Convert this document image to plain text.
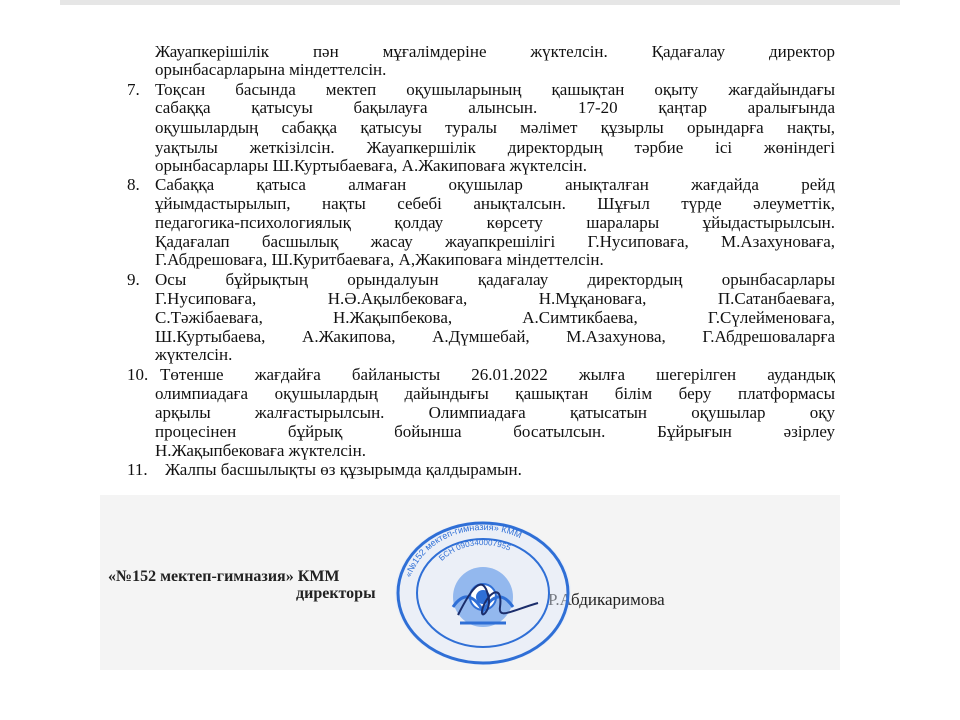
Жауапкерішілік пән мұғалімдеріне жүктелсін. Қадағалау директор
орынбасарларына міндеттелсін.
7. Тоқсан басында мектеп оқушыларының қашықтан оқыту жағдайындағы
сабаққа қатысуы бақылауға алынсын. 17-20 қаңтар аралығында
оқушылардың сабаққа қатысуы туралы мәлімет құзырлы орындарға нақты,
уақтылы жеткізілсін. Жауапкершілік директордың тәрбие ісі жөніндегі
орынбасарлары Ш.Куртыбаеваға, А.Жакиповаға жүктелсін.
8. Сабаққа қатыса алмаған оқушылар анықталған жағдайда рейд
ұйымдастырылып, нақты себебі анықталсын. Шұғыл түрде әлеуметтік,
педагогика-психологиялық қолдау көрсету шаралары ұйыдастырылсын.
Қадағалап басшылық жасау жауапкрешілігі Г.Нусиповаға, М.Азахуноваға,
Г.Абдрешоваға, Ш.Куритбаеваға, А,Жакиповаға міндеттелсін.
9. Осы бұйрықтың орындалуын қадағалау директордың орынбасарлары
Г.Нусиповаға, Н.Ә.Ақылбековаға, Н.Мұқановаға, П.Сатанбаеваға,
С.Тәжібаеваға, Н.Жақыпбекова, А.Симтикбаева, Г.Сүлейменоваға,
Ш.Куртыбаева, А.Жакипова, А.Дүмшебай, М.Азахунова, Г.Абдрешоваларға
жүктелсін.
10. Төтенше жағдайға байланысты 26.01.2022 жылға шегерілген аудандық
олимпиадаға оқушылардың дайындығы қашықтан білім беру платформасы
арқылы жалғастырылсын. Олимпиадаға қатысатын оқушылар оқу
процесінен бұйрық бойынша босатылсын. Бұйрығын әзірлеу
Н.Жақыпбековаға жүктелсін.
11. Жалпы басшылықты өз құзырымда қалдырамын.
«№152 мектеп-гимназия» КММ
директоры	Р.Абдикаримова
«№152 мектеп-гимназия» КММ
БСН 090340007955
